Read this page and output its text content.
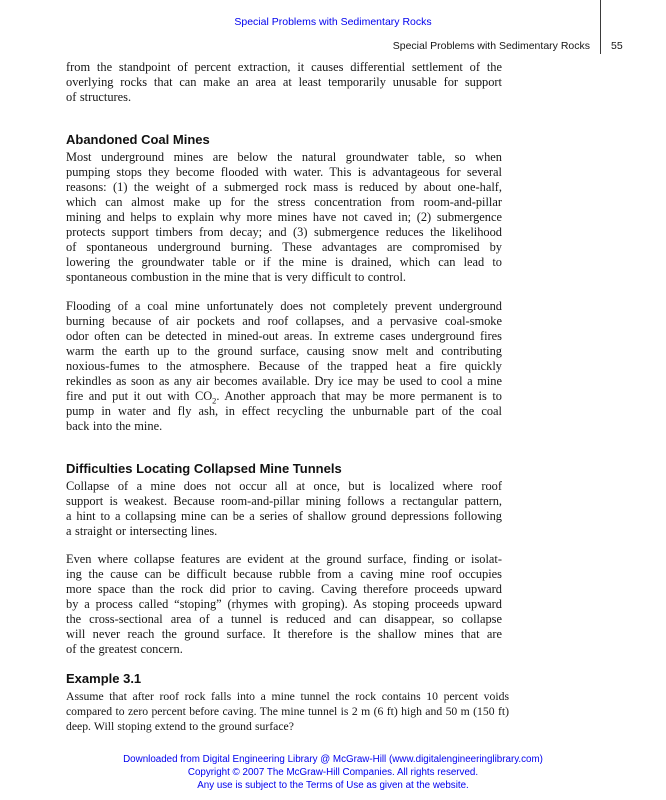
Special Problems with Sedimentary Rocks
Special Problems with Sedimentary Rocks 55
from the standpoint of percent extraction, it causes differential settlement of the
overlying rocks that can make an area at least temporarily unusable for support
of structures.
Abandoned Coal Mines
Most underground mines are below the natural groundwater table, so when
pumping stops they become flooded with water. This is advantageous for several
reasons: (1) the weight of a submerged rock mass is reduced by about one-half,
which can almost make up for the stress concentration from room-and-pillar
mining and helps to explain why more mines have not caved in; (2) submergence
protects support timbers from decay; and (3) submergence reduces the likelihood
of spontaneous underground burning. These advantages are compromised by
lowering the groundwater table or if the mine is drained, which can lead to
spontaneous combustion in the mine that is very difficult to control.
Flooding of a coal mine unfortunately does not completely prevent underground
burning because of air pockets and roof collapses, and a pervasive coal-smoke
odor often can be detected in mined-out areas. In extreme cases underground fires
warm the earth up to the ground surface, causing snow melt and contributing
noxious-fumes to the atmosphere. Because of the trapped heat a fire quickly
rekindles as soon as any air becomes available. Dry ice may be used to cool a mine
fire and put it out with $CO_2$. Another approach that may be more permanent is to
pump in water and fly ash, in effect recycling the unburnable part of the coal
back into the mine.
Difficulties Locating Collapsed Mine Tunnels
Collapse of a mine does not occur all at once, but is localized where roof
support is weakest. Because room-and-pillar mining follows a rectangular pattern,
a hint to a collapsing mine can be a series of shallow ground depressions following
a straight or intersecting lines.
Even where collapse features are evident at the ground surface, finding or isolat-
ing the cause can be difficult because rubble from a caving mine roof occupies
more space than the rock did prior to caving. Caving therefore proceeds upward
by a process called “stoping” (rhymes with groping). As stoping proceeds upward
the cross-sectional area of a tunnel is reduced and can disappear, so collapse
will never reach the ground surface. It therefore is the shallow mines that are
of the greatest concern.
Example 3.1
Assume that after roof rock falls into a mine tunnel the rock contains 10 percent voids
compared to zero percent before caving. The mine tunnel is 2 m (6 ft) high and 50 m (150 ft)
deep. Will stoping extend to the ground surface?
Downloaded from Digital Engineering Library @ McGraw-Hill (www.digitalengineeringlibrary.com)
Copyright © 2007 The McGraw-Hill Companies. All rights reserved.
Any use is subject to the Terms of Use as given at the website.
